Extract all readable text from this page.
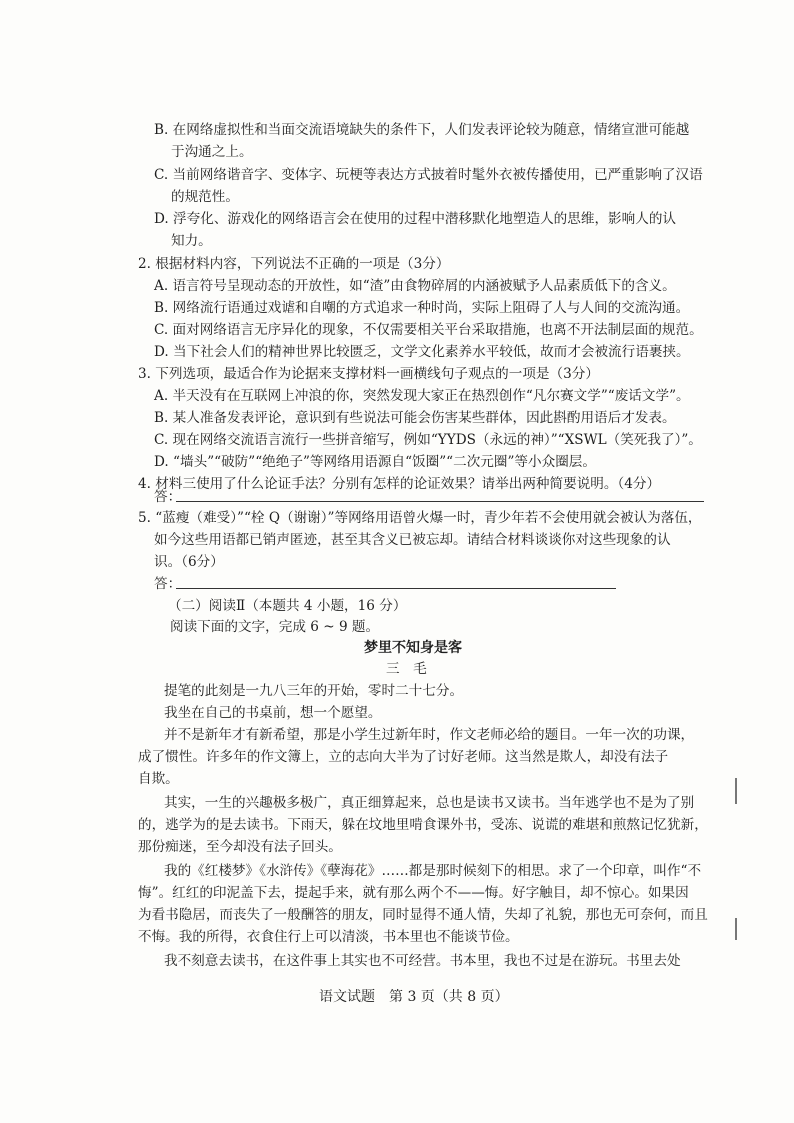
B. 在网络虚拟性和当面交流语境缺失的条件下，人们发表评论较为随意，情绪宣泄可能越
于沟通之上。
C. 当前网络谐音字、变体字、玩梗等表达方式披着时髦外衣被传播使用，已严重影响了汉语
的规范性。
D. 浮夸化、游戏化的网络语言会在使用的过程中潜移默化地塑造人的思维，影响人的认
知力。
2. 根据材料内容，下列说法不正确的一项是（3分）
A. 语言符号呈现动态的开放性，如“渣”由食物碎屑的内涵被赋予人品素质低下的含义。
B. 网络流行语通过戏谑和自嘲的方式追求一种时尚，实际上阻碍了人与人间的交流沟通。
C. 面对网络语言无序异化的现象，不仅需要相关平台采取措施，也离不开法制层面的规范。
D. 当下社会人们的精神世界比较匮乏，文学文化素养水平较低，故而才会被流行语裹挟。
3. 下列选项，最适合作为论据来支撑材料一画横线句子观点的一项是（3分）
A. 半天没有在互联网上冲浪的你，突然发现大家正在热烈创作“凡尔赛文学”“废话文学”。
B. 某人准备发表评论，意识到有些说法可能会伤害某些群体，因此斟酌用语后才发表。
C. 现在网络交流语言流行一些拼音缩写，例如“YYDS（永远的神）”“XSWL（笑死我了）”。
D. “墙头”“破防”“绝绝子”等网络用语源自“饭圈”“二次元圈”等小众圈层。
4. 材料三使用了什么论证手法？分别有怎样的论证效果？请举出两种简要说明。（4分）
答：
5. “蓝瘦（难受）”“栓 Q（谢谢）”等网络用语曾火爆一时，青少年若不会使用就会被认为落伍，
如今这些用语都已销声匿迹，甚至其含义已被忘却。请结合材料谈谈你对这些现象的认
识。（6分）
答：
（二）阅读Ⅱ（本题共 4 小题，16 分）
阅读下面的文字，完成 6 ~ 9 题。
梦里不知身是客
三　毛
提笔的此刻是一九八三年的开始，零时二十七分。
我坐在自己的书桌前，想一个愿望。
并不是新年才有新希望，那是小学生过新年时，作文老师必给的题目。一年一次的功课，
成了惯性。许多年的作文簿上，立的志向大半为了讨好老师。这当然是欺人，却没有法子
自欺。
其实，一生的兴趣极多极广，真正细算起来，总也是读书又读书。当年逃学也不是为了别
的，逃学为的是去读书。下雨天，躲在坟地里啃食课外书，受冻、说谎的难堪和煎熬记忆犹新，
那份痴迷，至今却没有法子回头。
我的《红楼梦》《水浒传》《孽海花》……都是那时候刻下的相思。求了一个印章，叫作“不
悔”。红红的印泥盖下去，提起手来，就有那么两个不——悔。好字触目，却不惊心。如果因
为看书隐居，而丧失了一般酬答的朋友，同时显得不通人情，失却了礼貌，那也无可奈何，而且
不悔。我的所得，衣食住行上可以清淡，书本里也不能谈节俭。
我不刻意去读书，在这件事上其实也不可经营。书本里，我也不过是在游玩。书里去处
语文试题　第 3 页（共 8 页）
